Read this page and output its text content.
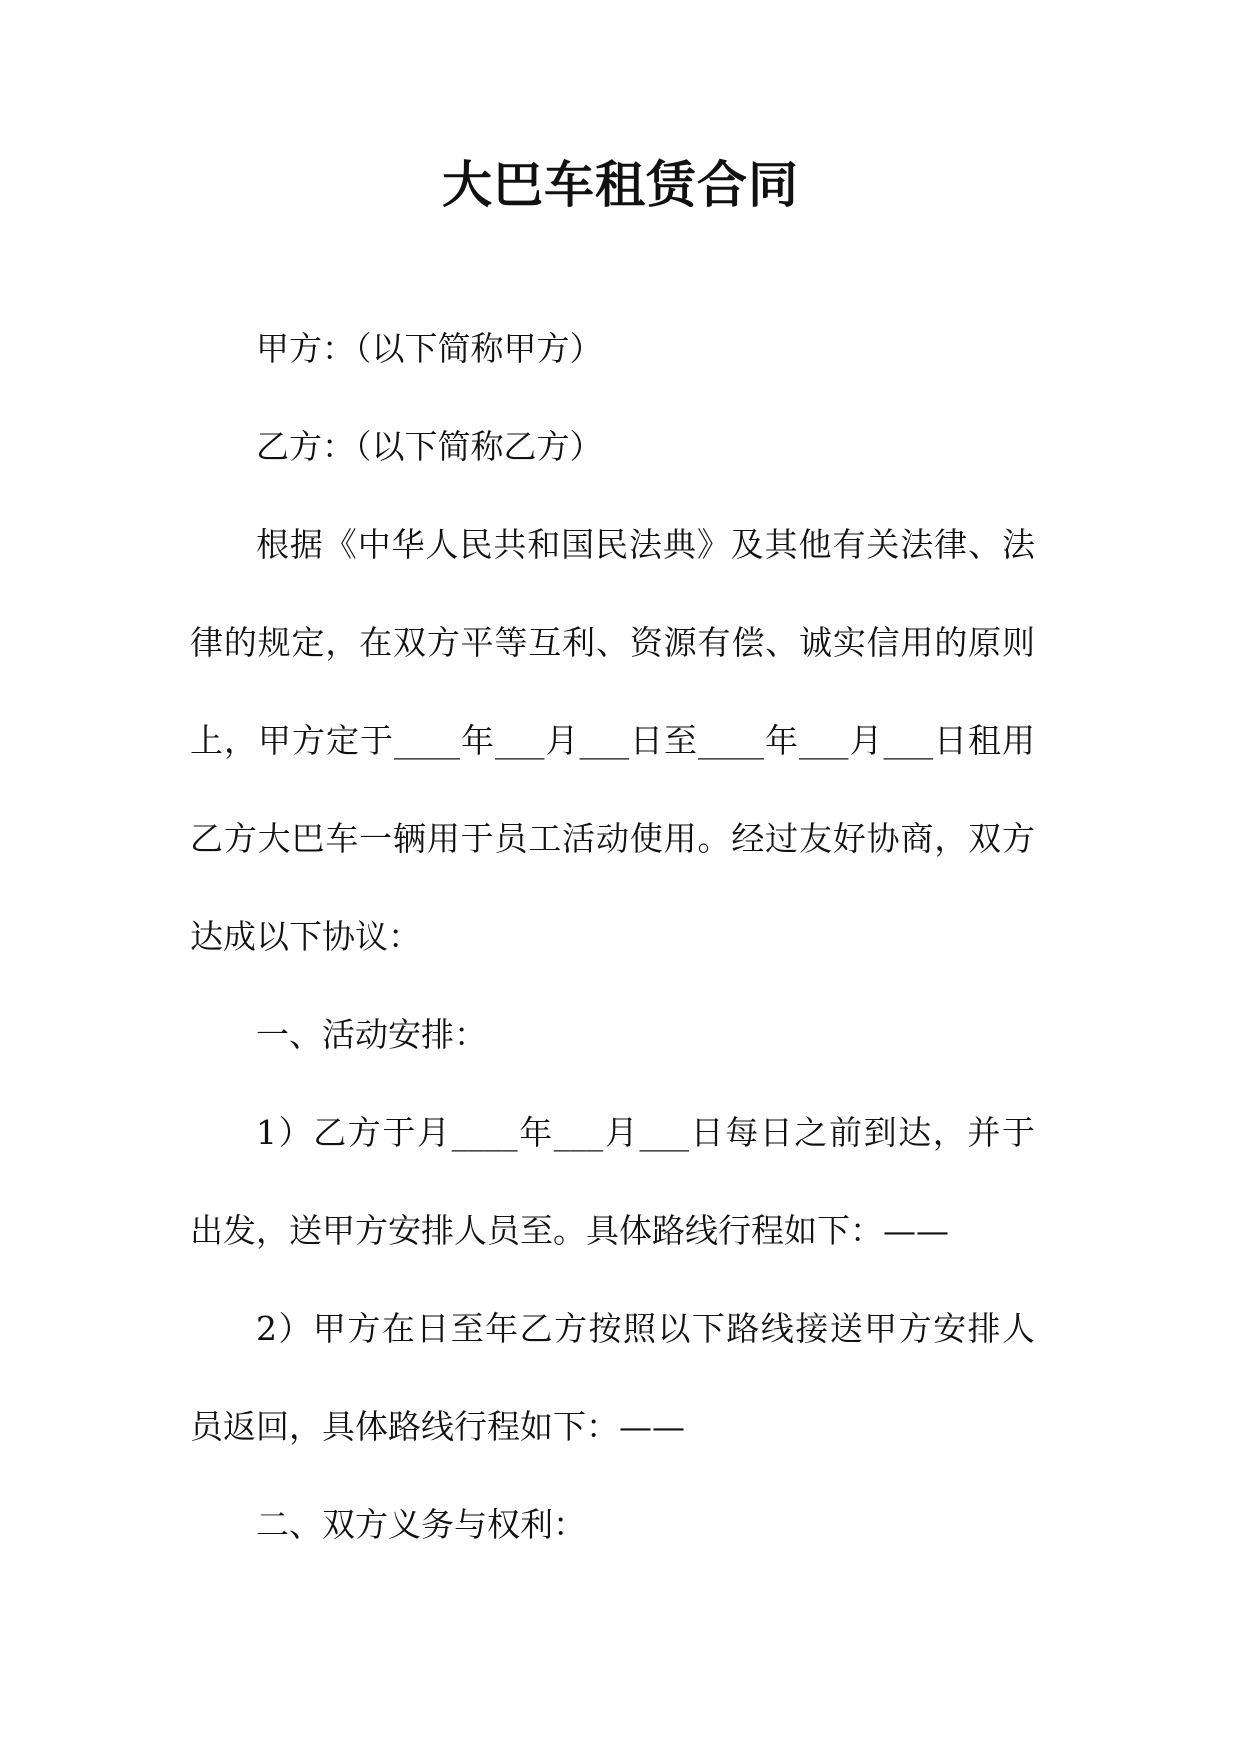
大巴车租赁合同

甲方：（以下简称甲方）

乙方：（以下简称乙方）

根据《中华人民共和国民法典》及其他有关法律、法律的规定，在双方平等互利、资源有偿、诚实信用的原则上，甲方定于____年___月___日至____年___月___日租用乙方大巴车一辆用于员工活动使用。经过友好协商，双方达成以下协议：

一、活动安排：

1）乙方于月____年___月___日每日之前到达，并于出发，送甲方安排人员至。具体路线行程如下：——

2）甲方在日至年乙方按照以下路线接送甲方安排人员返回，具体路线行程如下：——

二、双方义务与权利：
